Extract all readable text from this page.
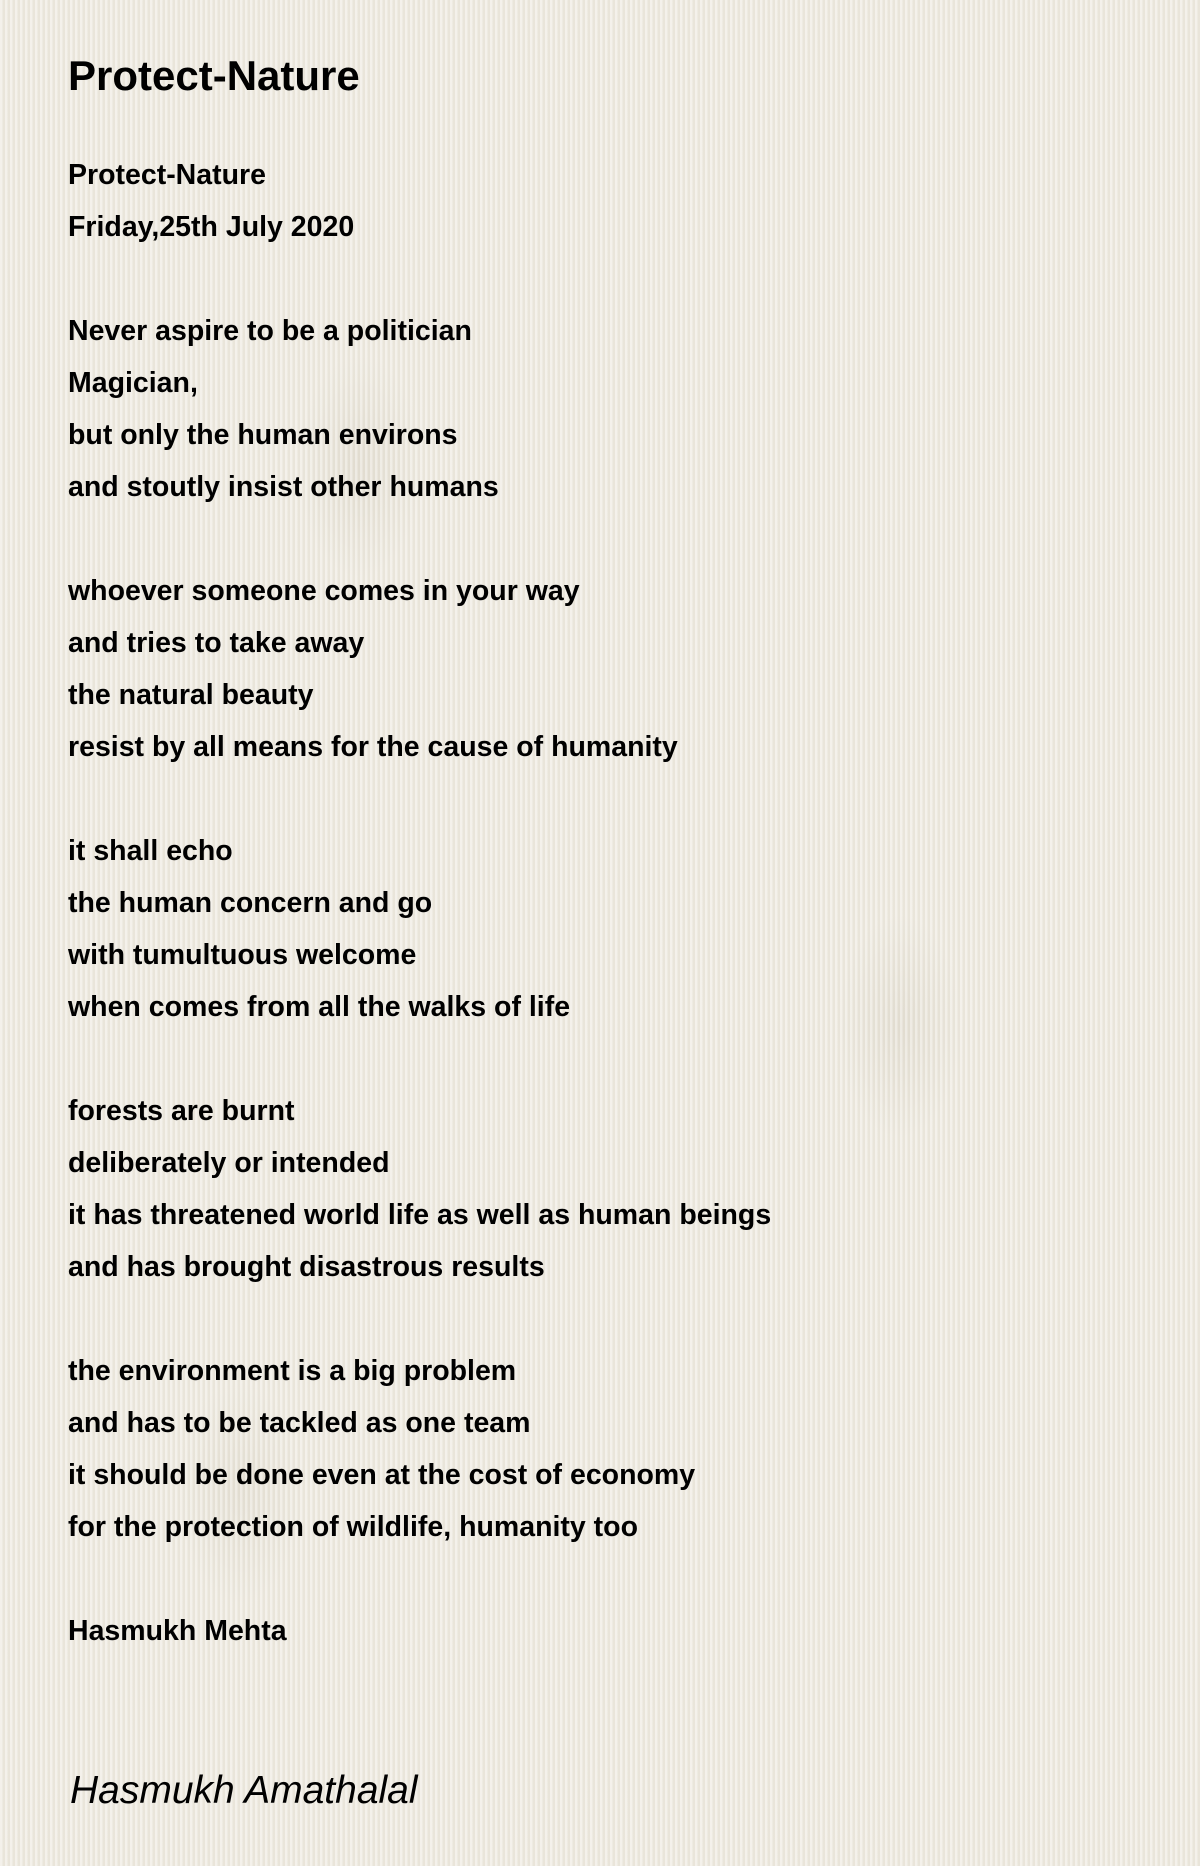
Protect-Nature
Protect-Nature
Friday,25th July 2020
Never aspire to be a politician
Magician,
but only the human environs
and stoutly insist other humans
whoever someone comes in your way
and tries to take away
the natural beauty
resist by all means for the cause of humanity
it shall echo
the human concern and go
with tumultuous welcome
when comes from all the walks of life
forests are burnt
deliberately or intended
it has threatened world life as well as human beings
and has brought disastrous results
the environment is a big problem
and has to be tackled as one team
it should be done even at the cost of economy
for the protection of wildlife, humanity too
Hasmukh Mehta
Hasmukh Amathalal
